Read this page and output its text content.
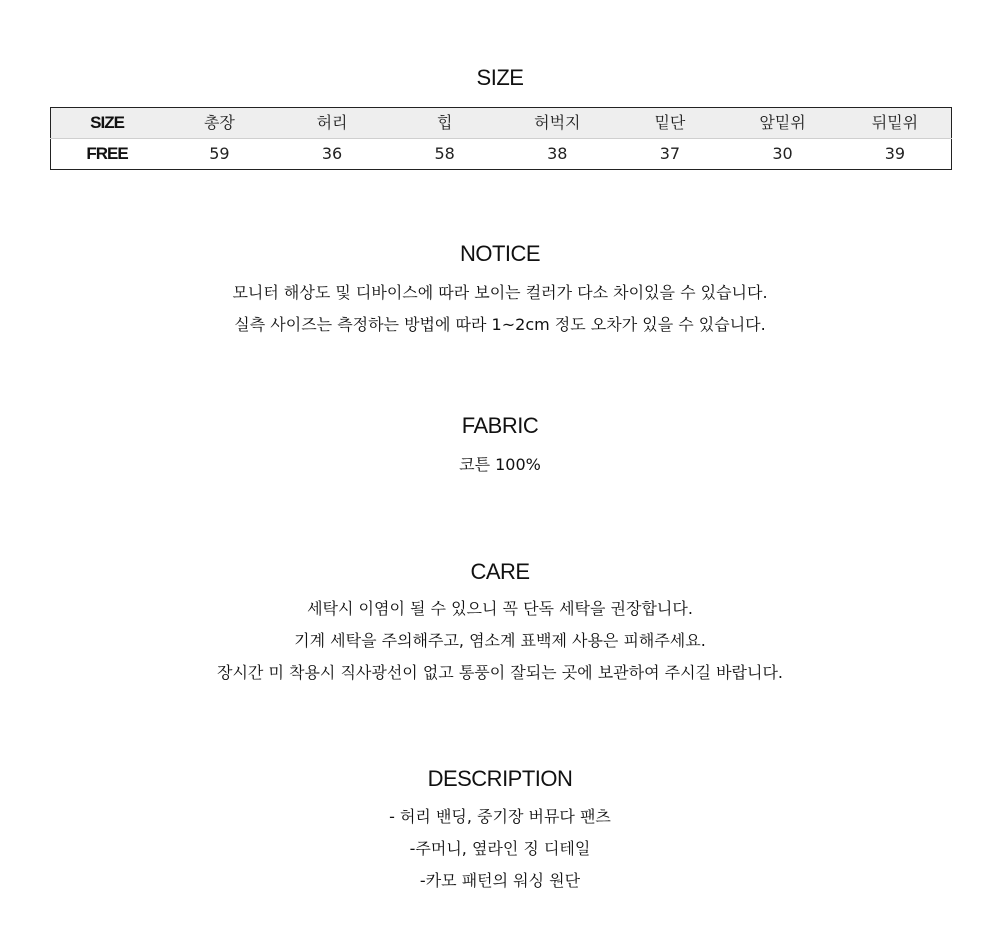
SIZE
SIZE	총장	허리	힙	허벅지	밑단	앞밑위	뒤밑위
FREE	59	36	58	38	37	30	39
NOTICE
모니터 해상도 및 디바이스에 따라 보이는 컬러가 다소 차이있을 수 있습니다.
실측 사이즈는 측정하는 방법에 따라 1~2cm 정도 오차가 있을 수 있습니다.
FABRIC
코튼 100%
CARE
세탁시 이염이 될 수 있으니 꼭 단독 세탁을 권장합니다.
기계 세탁을 주의해주고, 염소계 표백제 사용은 피해주세요.
장시간 미 착용시 직사광선이 없고 통풍이 잘되는 곳에 보관하여 주시길 바랍니다.
DESCRIPTION
- 허리 밴딩, 중기장 버뮤다 팬츠
-주머니, 옆라인 징 디테일
-카모 패턴의 워싱 원단
